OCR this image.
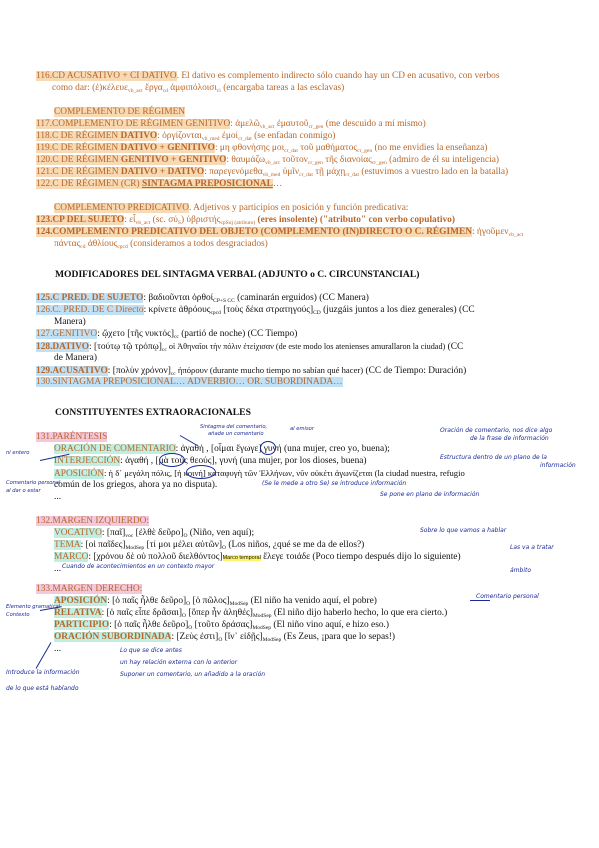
116.CD ACUSATIVO + CI DATIVO. El dativo es complemento indirecto sólo cuando hay un CD en acusativo, con verbos
como dar: (ἐ)κέλευε$_{vb\_act}$ ἔργα$_{cd}$ ἀμφιπόλοισι$_{ci}$ (encargaba tareas a las esclavas)
COMPLEMENTO DE RÉGIMEN
117.COMPLEMENTO DE RÉGIMEN GENITIVO: ἀμελῶ$_{vb\_act}$ ἐμαυτοῦ$_{cr\_gen}$ (me descuido a mí mismo)
118.C DE RÉGIMEN DATIVO: ὀργίζονται$_{vb\_med}$ ἐμοί$_{cr\_dat}$ (se enfadan conmigo)
119.C DE RÉGIMEN DATIVO + GENITIVO: μη φθονήσης μοι$_{cr\_dat}$ τοῦ μαθήματος$_{cr\_gen}$ (no me envidies la enseñanza)
120.C DE RÉGIMEN GENITIVO + GENITIVO: θαυμάζω$_{vb\_act}$ τοῦτον$_{cr\_gen}$ τῆς διανοίας$_{cr\_gen}$ (admiro de él su inteligencia)
121.C DE RÉGIMEN DATIVO + DATIVO: παρεγενόμεθα$_{vb\_med}$ ὑμῖν$_{cr\_dat}$ τῇ μάχῃ$_{cr\_dat}$ (estuvimos a vuestro lado en la batalla)
122.C DE RÉGIMEN (CR) SINTAGMA PREPOSICIONAL…
COMPLEMENTO PREDICATIVO. Adjetivos y participios en posición y función predicativa:
123.CP DEL SUJETO: εἶ$_{vb\_act}$ (sc. $\sigma ύ_S$) ὑβριστής$_{cpSuj (atributo)}$ (eres insolente) ("atributo" con verbo copulativo)
124.COMPLEMENTO PREDICATIVO DEL OBJETO (COMPLEMENTO (IN)DIRECTO O C. RÉGIMEN: ἡγοῦμεν$_{vb\_act}$
πάντας$_{cd}$ ἀθλίους$_{cpcd}$ (consideramos a todos desgraciados)
MODIFICADORES DEL SINTAGMA VERBAL (ADJUNTO o C. CIRCUNSTANCIAL)
125.C PRED. DE SUJETO: βαδιοῦνται ὀρθοί$_{CP+S CC}$ (caminarán erguidos) (CC Manera)
126.C. PRED. DE C Directo: κρίνετε ἀθρόους$_{cpcd}$ [τοὺς δέκα $\sigma\tau\rho\alpha\tau\eta\gamma oύ\varsigma]_{CD}$ (juzgáis juntos a los diez generales) (CC
Manera)
127.GENITIVO: ᾤχετο [τῆς $\nu\upsilon\kappa\tau ό\varsigma]_{cc}$ (partió de noche) (CC Tiempo)
128.DATIVO: [τούτῳ τῷ $\tau\rho ό\pi ῳ]_{cc}$ οἱ Ἀθηναῖοι τὴν πόλιν ἐτείχισαν (de este modo los atenienses amurallaron la ciudad) (CC
de Manera)
129.ACUSATIVO: [πολὺν $\chi\rho ό\nu o\nu]_{cc}$ ἠπόρουν (durante mucho tiempo no sabían qué hacer) (CC de Tiempo: Duración)
130.SINTAGMA PREPOSICIONAL… ADVERBIO… OR. SUBORDINADA…
CONSTITUYENTES EXTRAORACIONALES
131.PARÉNTESIS
ORACIÓN DE COMENTARIO: ἀγαθή , [οἶμαι ἔγωγε] γυνή (una mujer, creo yo, buena);
INTERJECCIÓN: ἀγαθή , [μὰ τοὺς θεούς], γυνή (una mujer, por los dioses, buena)
APOSICIÓN: ἡ δ᾽ μεγάλη πόλις, [ἡ κοινή] καταφυγὴ τῶν Ἑλλήνων, νῦν οὐκέτι ἀγωνίζεται (la ciudad nuestra, refugio
común de los griegos, ahora ya no disputa).
...
132.MARGEN IZQUIERDO:
VOCATIVO: $[\pi\alpha ῖ]_{voc}$ [ἐλθὲ $\delta\varepsilon ῦ\rho o]_O$ (Niño, ven aquí);
TEMA: [οἱ $\pi\alpha ῖ\delta\varepsilon\varsigma]_{ModSep}$ [τί μοι μέλει $\alpha ὐ\tau ῶ\nu]_O$ (Los niños, ¿qué se me da de ellos?)
MARCO: [χρόνου δὲ οὐ πολλοῦ διελθόντος]Marco temporal ἔλεγε τοιάδε (Poco tiempo después dijo lo siguiente)
...
133.MARGEN DERECHO:
APOSICIÓN: [ὁ παῖς ἦλθε $\delta\varepsilon ῦ\rho o]_O$ [ὁ $\pi ῶ\lambda o\varsigma]_{ModSep}$ (El niño ha venido aquí, el pobre)
RELATIVA: [ὁ παῖς εἶπε $\delta\rho ᾶ\sigma\alpha\iota]_O$ [ὅπερ ἦν $ἀ\lambda\eta\theta έ\varsigma]_{ModSep}$ (El niño dijo haberlo hecho, lo que era cierto.)
PARTICIPIO: [ὁ παῖς ἦλθε $\delta\varepsilon ῦ\rho o]_O$ [τοῦτο $\delta\rho ά\sigma\alpha\varsigma]_{ModSep}$ (El niño vino aquí, e hizo eso.)
ORACIÓN SUBORDINADA: [Ζεὺς $ἐ\sigma\tau\iota]_O$ [ἵν᾽ $\varepsilon ἰ\delta ῇ\varsigma]_{ModSep}$ (Es Zeus, ¡para que lo sepas!)
...
Sintagma del comentario,
añade un comentario
al emisor	Oración de comentario, nos dice algo
de la frase de información
Estructura dentro de un plano de la
ni entero
información
Comentario personal
al dar o estar	Se pone en plano de información
(Se le mede a otro Se) se introduce información
Sobre lo que vamos a hablar
Las va a tratar
ámbito
Cuando de acontecimientos en un contexto mayor
Comentario personal
Introduce la información
de lo que está hablando
Lo que se dice antes
un hay relación externa con lo anterior
Suponer un comentario, un añadido a la oración
Elemento gramatical
Contexto
